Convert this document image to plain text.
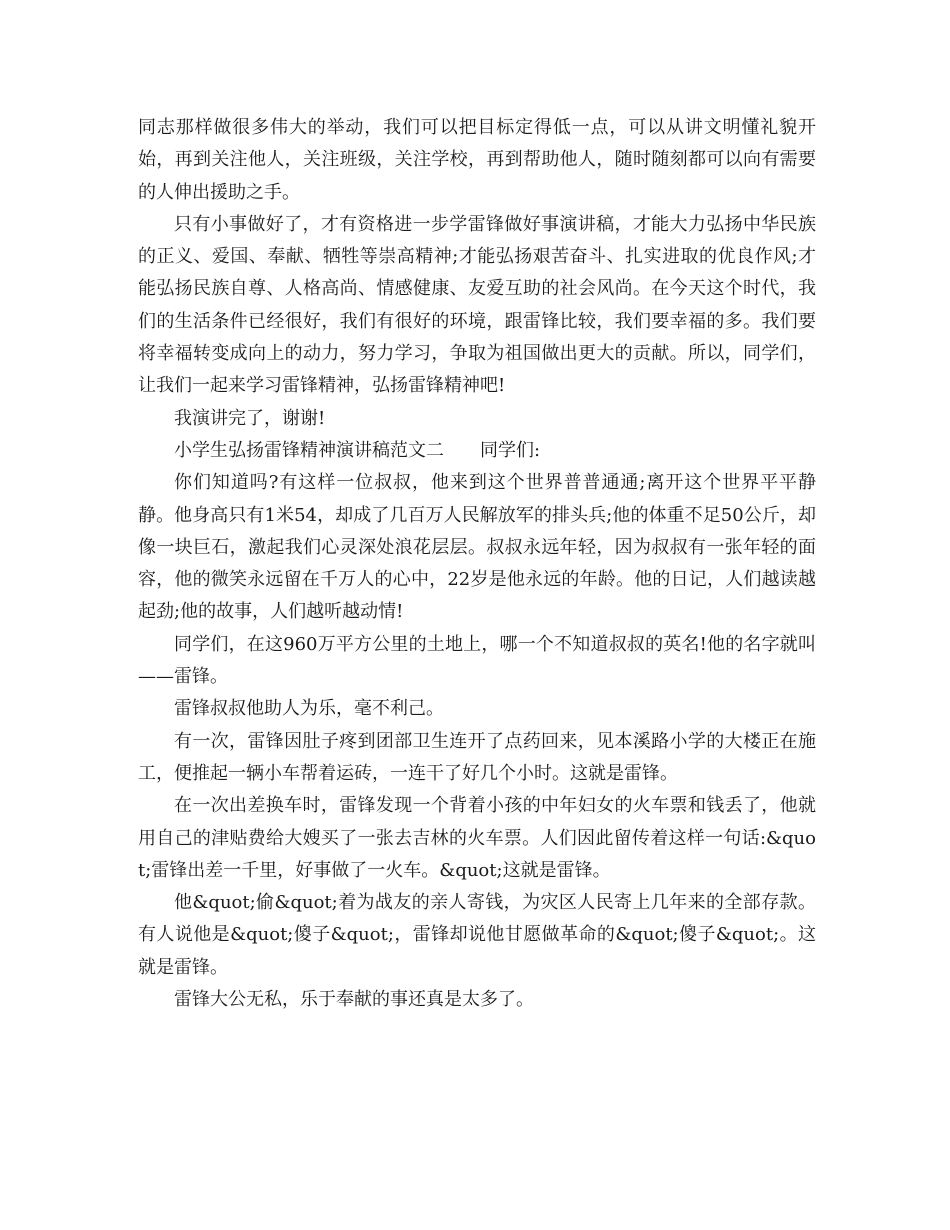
同志那样做很多伟大的举动，我们可以把目标定得低一点，可以从讲文明懂礼貌开始，再到关注他人，关注班级，关注学校，再到帮助他人，随时随刻都可以向有需要的人伸出援助之手。

只有小事做好了，才有资格进一步学雷锋做好事演讲稿，才能大力弘扬中华民族的正义、爱国、奉献、牺牲等崇高精神;才能弘扬艰苦奋斗、扎实进取的优良作风;才能弘扬民族自尊、人格高尚、情感健康、友爱互助的社会风尚。在今天这个时代，我们的生活条件已经很好，我们有很好的环境，跟雷锋比较，我们要幸福的多。我们要将幸福转变成向上的动力，努力学习，争取为祖国做出更大的贡献。所以，同学们，让我们一起来学习雷锋精神，弘扬雷锋精神吧!

我演讲完了，谢谢!

小学生弘扬雷锋精神演讲稿范文二 同学们:

你们知道吗?有这样一位叔叔，他来到这个世界普普通通;离开这个世界平平静静。他身高只有1米54，却成了几百万人民解放军的排头兵;他的体重不足50公斤，却像一块巨石，激起我们心灵深处浪花层层。叔叔永远年轻，因为叔叔有一张年轻的面容，他的微笑永远留在千万人的心中，22岁是他永远的年龄。他的日记，人们越读越起劲;他的故事，人们越听越动情!

同学们，在这960万平方公里的土地上，哪一个不知道叔叔的英名!他的名字就叫——雷锋。

雷锋叔叔他助人为乐，毫不利己。

有一次，雷锋因肚子疼到团部卫生连开了点药回来，见本溪路小学的大楼正在施工，便推起一辆小车帮着运砖，一连干了好几个小时。这就是雷锋。

在一次出差换车时，雷锋发现一个背着小孩的中年妇女的火车票和钱丢了，他就用自己的津贴费给大嫂买了一张去吉林的火车票。人们因此留传着这样一句话:&quot;雷锋出差一千里，好事做了一火车。&quot;这就是雷锋。

他&quot;偷&quot;着为战友的亲人寄钱，为灾区人民寄上几年来的全部存款。有人说他是&quot;傻子&quot;，雷锋却说他甘愿做革命的&quot;傻子&quot;。这就是雷锋。

雷锋大公无私，乐于奉献的事还真是太多了。
